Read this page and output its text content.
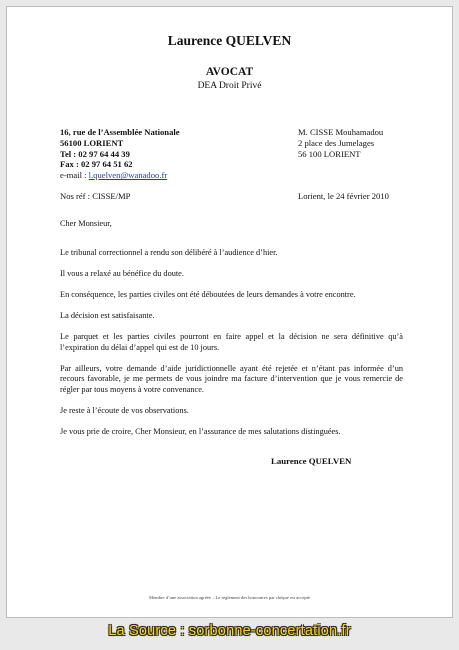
Laurence QUELVEN
AVOCAT
DEA Droit Privé
16, rue de l’Assemblée Nationale
56100 LORIENT
Tel : 02 97 64 44 39
Fax : 02 97 64 51 62
e-mail : l.quelven@wanadoo.fr
M. CISSE Mouhamadou
2 place des Jumelages
56 100 LORIENT
Nos réf : CISSE/MP	Lorient, le 24 février 2010

Cher Monsieur,

Le tribunal correctionnel a rendu son délibéré à l’audience d’hier.

Il vous a relaxé au bénéfice du doute.

En conséquence, les parties civiles ont été déboutées de leurs demandes à votre encontre.

La décision est satisfaisante.

Le parquet et les parties civiles pourront en faire appel et la décision ne sera définitive qu’à l’expiration du délai d’appel qui est de 10 jours.

Par ailleurs, votre demande d’aide juridictionnelle ayant été rejetée et n’étant pas informée d’un recours favorable, je me permets de vous joindre ma facture d’intervention que je vous remercie de régler par tous moyens à votre convenance.

Je reste à l’écoute de vos observations.

Je vous prie de croire, Cher Monsieur, en l’assurance de mes salutations distinguées.

Laurence QUELVEN
Membre d’une association agréée – Le règlement des honoraires par chèque est accepté
La Source : sorbonne-concertation.fr
